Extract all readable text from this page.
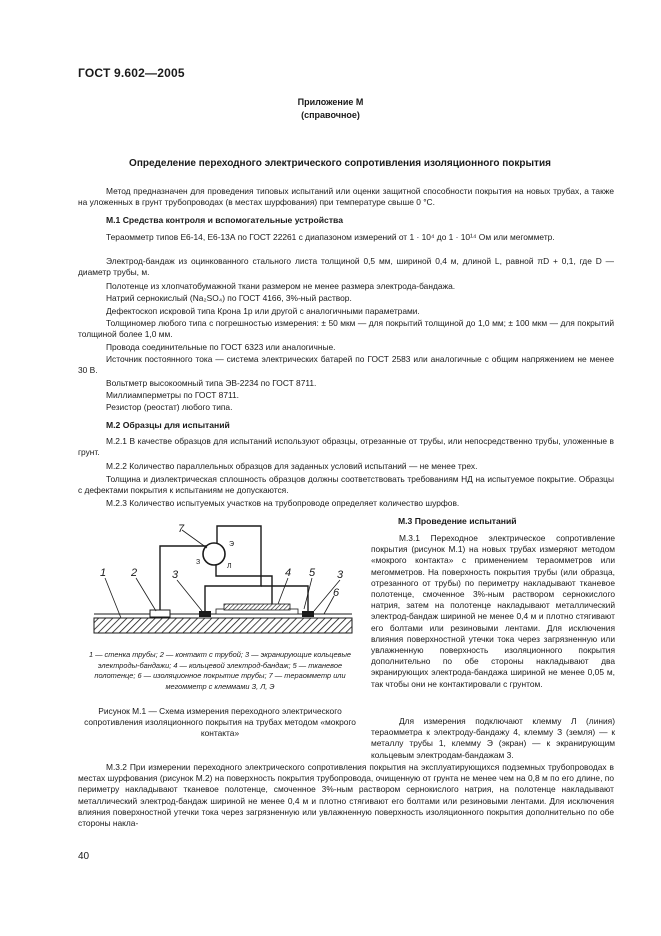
ГОСТ 9.602—2005
Приложение М
(справочное)
Определение переходного электрического сопротивления изоляционного покрытия
Метод предназначен для проведения типовых испытаний или оценки защитной способности покрытия на новых трубах, а также на уложенных в грунт трубопроводах (в местах шурфования) при температуре свыше 0 °С.
М.1 Средства контроля и вспомогательные устройства
Тераомметр типов Е6-14, Е6-13А по ГОСТ 22261 с диапазоном измерений от 1 · 10⁴ до 1 · 10¹⁴ Ом или мегомметр.
Электрод-бандаж из оцинкованного стального листа толщиной 0,5 мм, шириной 0,4 м, длиной L, равной πD + 0,1, где D — диаметр трубы, м.
Полотенце из хлопчатобумажной ткани размером не менее размера электрода-бандажа.
Натрий сернокислый (Na₂SO₄) по ГОСТ 4166, 3%-ный раствор.
Дефектоскоп искровой типа Крона 1р или другой с аналогичными параметрами.
Толщиномер любого типа с погрешностью измерения: ± 50 мкм — для покрытий толщиной до 1,0 мм; ± 100 мкм — для покрытий толщиной более 1,0 мм.
Провода соединительные по ГОСТ 6323 или аналогичные.
Источник постоянного тока — система электрических батарей по ГОСТ 2583 или аналогичные с общим напряжением не менее 30 В.
Вольтметр высокоомный типа ЭВ-2234 по ГОСТ 8711.
Миллиамперметры по ГОСТ 8711.
Резистор (реостат) любого типа.
М.2 Образцы для испытаний
М.2.1 В качестве образцов для испытаний используют образцы, отрезанные от трубы, или непосредственно трубы, уложенные в грунт.
М.2.2 Количество параллельных образцов для заданных условий испытаний — не менее трех.
Толщина и диэлектрическая сплошность образцов должны соответствовать требованиям НД на испытуемое покрытие. Образцы с дефектами покрытия к испытаниям не допускаются.
М.2.3 Количество испытуемых участков на трубопроводе определяет количество шурфов.
М.3 Проведение испытаний
М.3.1 Переходное электрическое сопротивление покрытия (рисунок М.1) на новых трубах измеряют методом «мокрого контакта» с применением тераомметров или мегомметров. На поверхность покрытия трубы (или образца, отрезанного от трубы) по периметру накладывают тканевое полотенце, смоченное 3%-ным раствором сернокислого натрия, затем на полотенце накладывают металлический электрод-бандаж шириной не менее 0,4 м и плотно стягивают его болтами или резиновыми лентами. Для исключения влияния поверхностной утечки тока через загрязненную или увлажненную поверхность изоляционного покрытия дополнительно по обе стороны накладывают два экранирующих электрода-бандажа шириной не менее 0,05 м, так чтобы они не контактировали с грунтом.
Для измерения подключают клемму Л (линия) тераомметра к электроду-бандажу 4, клемму З (земля) — к металлу трубы 1, клемму Э (экран) — к экранирующим кольцевым электродам-бандажам 3.
1 2	3	4 5 3
6
7
Э
З
Л
1 — стенка трубы; 2 — контакт с трубой; 3 — экранирующие кольцевые электроды-бандажи; 4 — кольцевой электрод-бандаж; 5 — тканевое полотенце; 6 — изоляционное покрытие трубы; 7 — тераомметр или мегомметр с клеммами З, Л, Э
Рисунок М.1 — Схема измерения переходного электрического сопротивления изоляционного покрытия на трубах методом «мокрого контакта»
М.3.2 При измерении переходного электрического сопротивления покрытия на эксплуатирующихся подземных трубопроводах в местах шурфования (рисунок М.2) на поверхность покрытия трубопровода, очищенную от грунта не менее чем на 0,8 м по его длине, по периметру накладывают тканевое полотенце, смоченное 3%-ным раствором сернокислого натрия, на полотенце накладывают металлический электрод-бандаж шириной не менее 0,4 м и плотно стягивают его болтами или резиновыми лентами. Для исключения влияния поверхностной утечки тока через загрязненную или увлажненную поверхность изоляционного покрытия дополнительно по обе стороны накла-
40
